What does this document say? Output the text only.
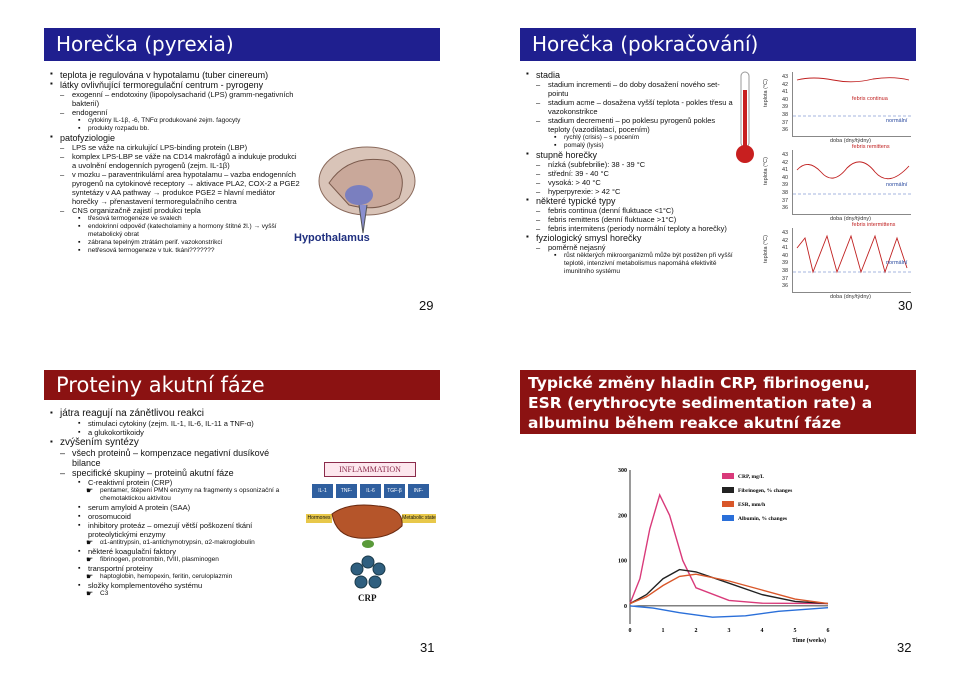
Horečka (pyrexia)
▪ teplota je regulována v hypotalamu (tuber cinereum)
▪ látky ovlivňující termoregulační centrum - pyrogeny
– exogenní – endotoxiny (lipopolysacharid (LPS) gramm-negativních bakterií)
– endogenní
▪ cytokiny IL-1β, -6, TNFα produkované zejm. fagocyty
▪ produkty rozpadu bb.
▪ patofyziologie
– LPS se váže na cirkulující LPS-binding protein (LBP)
– komplex LPS-LBP se váže na CD14 makrofágů a indukuje produkci a uvolnění endogenních pyrogenů (zejm. IL-1β)
– v mozku – paraventrikulární area hypotalamu – vazba endogenních pyrogenů na cytokinové receptory → aktivace PLA2, COX-2 a PGE2 syntetázy v AA pathway → produkce PGE2 = hlavní mediátor horečky → přenastavení termoregulačního centra
– CNS organizačně zajistí produkci tepla
▪ třesová termogeneze ve svalech
▪ endokrinní odpověď (katecholaminy a hormony štítné žl.) → vyšší metabolický obrat
▪ zábrana tepelným ztrátám perif. vazokonstrikcí
▪ netřesová termogeneze v tuk. tkáni???????
Hypothalamus
29
Horečka (pokračování)
▪ stadia
– stadium incrementi – do doby dosažení nového set-pointu
– stadium acme – dosažena vyšší teplota - pokles třesu a vazokonstrikce
– stadium decrementi – po poklesu pyrogenů pokles teploty (vazodilatací, pocením)
▪ rychlý (crisis) – s pocením
▪ pomalý (lysis)
▪ stupně horečky
– nízká (subfebrilie): 38 - 39 °C
– střední: 39 - 40 °C
– vysoká: > 40 °C
– hyperpyrexie: > 42 °C
▪ některé typické typy
– febris continua (denní fluktuace <1°C)
– febris remittens (denní fluktuace >1°C)
– febris intermitens (periody normální teploty a horečky)
▪ fyziologický smysl horečky
– poměrně nejasný
▪ růst některých mikroorganizmů může být postižen při vyšší teplotě, intenzivní metabolismus napomáhá efektivitě imunitního systému
teplota (°C)
43
42
41
40
39
38
37
36
febris continua
normální
doba (dny/týdny)
teplota (°C)
43
42
41
40
39
38
37
36
febris remittens
normální
doba (dny/týdny)
teplota (°C)
43
42
41
40
39
38
37
36
febris intermittens
normální
doba (dny/týdny)
30
Proteiny akutní fáze
▪ játra reagují na zánětlivou reakci
▪ stimulaci cytokiny (zejm. IL-1, IL-6, IL-11 a TNF-α)
▪ a glukokortikoidy
▪ zvýšením syntézy
– všech proteinů – kompenzace negativní dusíkové bilance
– specifické skupiny – proteinů akutní fáze
▪ C-reaktivní protein (CRP)
☛ pentamer, štěpení PMN enzymy na fragmenty s opsonizační a chemotaktickou aktivitou
▪ serum amyloid A protein (SAA)
▪ orosomucoid
▪ inhibitory proteáz – omezují větší poškození tkání proteolytickými enzymy
☛ α1-antitrypsin, α1-antichymotrypsin, α2-makroglobulin
▪ některé koagulační faktory
☛ fibrinogen, protrombin, fVIII, plasminogen
▪ transportní proteiny
☛ haptoglobin, hemopexin, feritin, ceruloplazmin
▪ složky komplementového systému
☛ C3
INFLAMMATION
IL-1	TNF-	IL-6	TGF-β	INF-
Hormones	Metabolic state
CRP
31
Typické změny hladin CRP, fibrinogenu, ESR (erythrocyte sedimentation rate) a albuminu během reakce akutní fáze
0
100
200
300
0	1	2	3	4	5	6
Time (weeks)
CRP, mg/L
Fibrinogen, % changes
ESR, mm/h
Albumin, % changes
32
